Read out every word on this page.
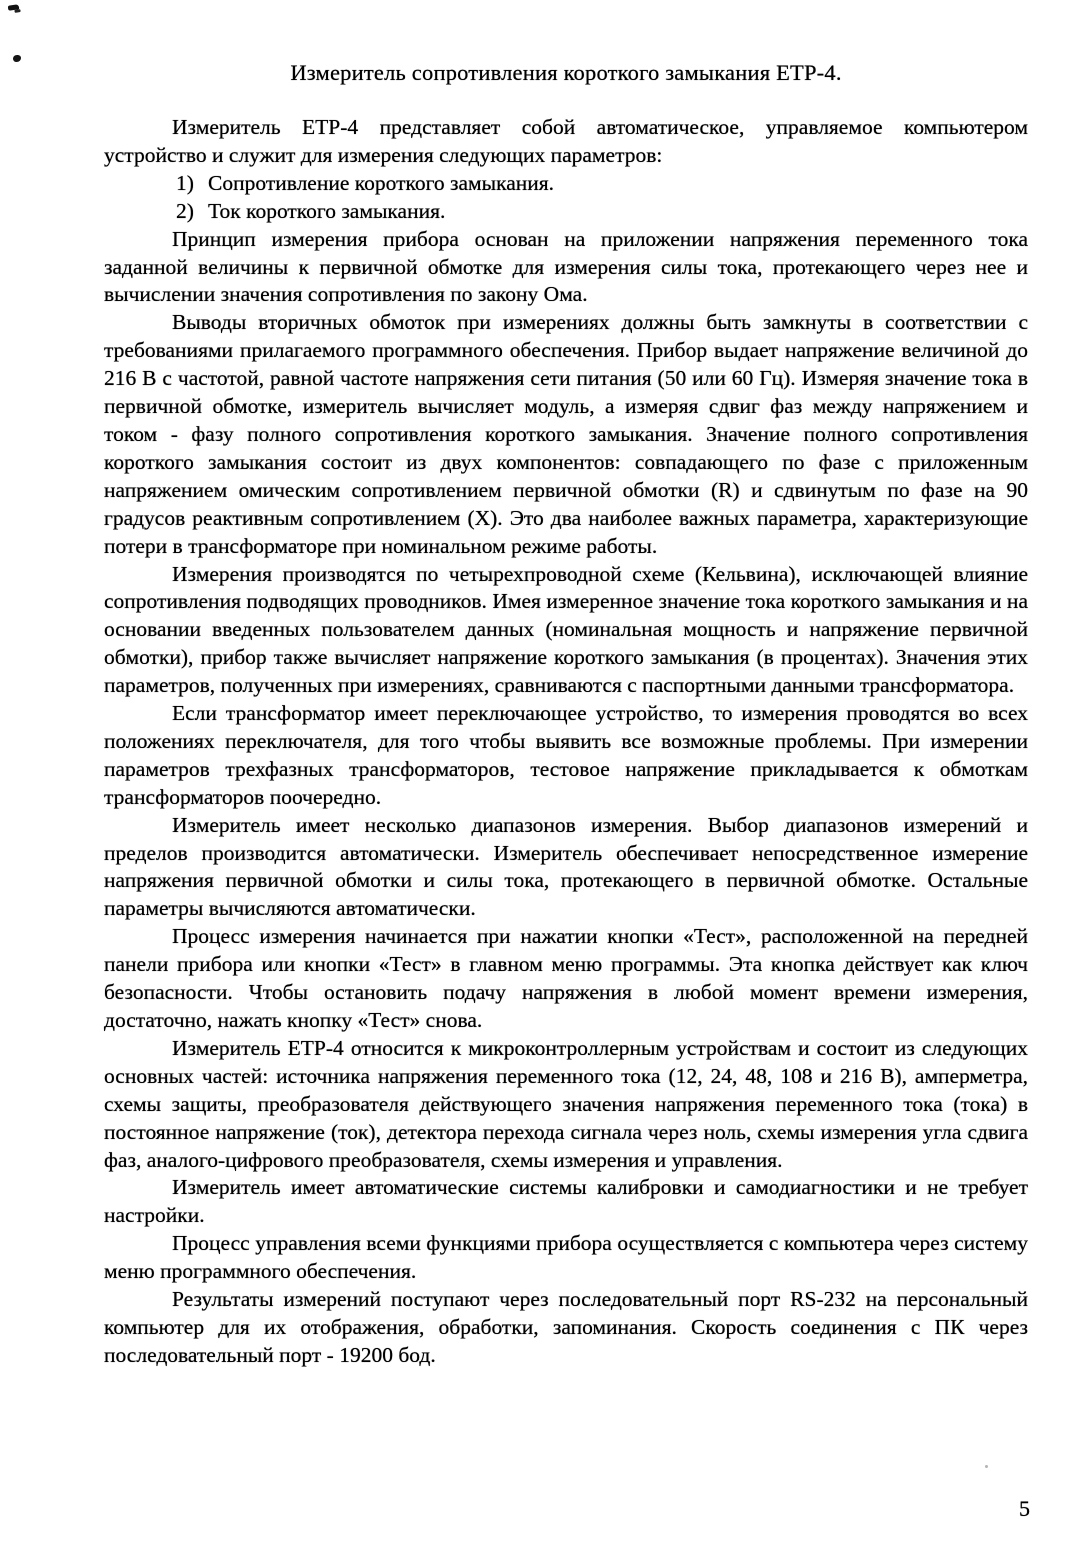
Измеритель сопротивления короткого замыкания ЕТР-4.

Измеритель ЕТР-4 представляет собой автоматическое, управляемое компьютером устройство и служит для измерения следующих параметров:

1) Сопротивление короткого замыкания.
2) Ток короткого замыкания.

Принцип измерения прибора основан на приложении напряжения переменного тока заданной величины к первичной обмотке для измерения силы тока, протекающего через нее и вычислении значения сопротивления по закону Ома.

Выводы вторичных обмоток при измерениях должны быть замкнуты в соответствии с требованиями прилагаемого программного обеспечения. Прибор выдает напряжение величиной до 216 В с частотой, равной частоте напряжения сети питания (50 или 60 Гц). Измеряя значение тока в первичной обмотке, измеритель вычисляет модуль, а измеряя сдвиг фаз между напряжением и током - фазу полного сопротивления короткого замыкания. Значение полного сопротивления короткого замыкания состоит из двух компонентов: совпадающего по фазе с приложенным напряжением омическим сопротивлением первичной обмотки (R) и сдвинутым по фазе на 90 градусов реактивным сопротивлением (X). Это два наиболее важных параметра, характеризующие потери в трансформаторе при номинальном режиме работы.

Измерения производятся по четырехпроводной схеме (Кельвина), исключающей влияние сопротивления подводящих проводников. Имея измеренное значение тока короткого замыкания и на основании введенных пользователем данных (номинальная мощность и напряжение первичной обмотки), прибор также вычисляет напряжение короткого замыкания (в процентах). Значения этих параметров, полученных при измерениях, сравниваются с паспортными данными трансформатора.

Если трансформатор имеет переключающее устройство, то измерения проводятся во всех положениях переключателя, для того чтобы выявить все возможные проблемы. При измерении параметров трехфазных трансформаторов, тестовое напряжение прикладывается к обмоткам трансформаторов поочередно.

Измеритель имеет несколько диапазонов измерения. Выбор диапазонов измерений и пределов производится автоматически. Измеритель обеспечивает непосредственное измерение напряжения первичной обмотки и силы тока, протекающего в первичной обмотке. Остальные параметры вычисляются автоматически.

Процесс измерения начинается при нажатии кнопки «Тест», расположенной на передней панели прибора или кнопки «Тест» в главном меню программы. Эта кнопка действует как ключ безопасности. Чтобы остановить подачу напряжения в любой момент времени измерения, достаточно, нажать кнопку «Тест» снова.

Измеритель ЕТР-4 относится к микроконтроллерным устройствам и состоит из следующих основных частей: источника напряжения переменного тока (12, 24, 48, 108 и 216 В), амперметра, схемы защиты, преобразователя действующего значения напряжения переменного тока (тока) в постоянное напряжение (ток), детектора перехода сигнала через ноль, схемы измерения угла сдвига фаз, аналого-цифрового преобразователя, схемы измерения и управления.

Измеритель имеет автоматические системы калибровки и самодиагностики и не требует настройки.

Процесс управления всеми функциями прибора осуществляется с компьютера через систему меню программного обеспечения.

Результаты измерений поступают через последовательный порт RS-232 на персональный компьютер для их отображения, обработки, запоминания. Скорость соединения с ПК через последовательный порт - 19200 бод.

5
